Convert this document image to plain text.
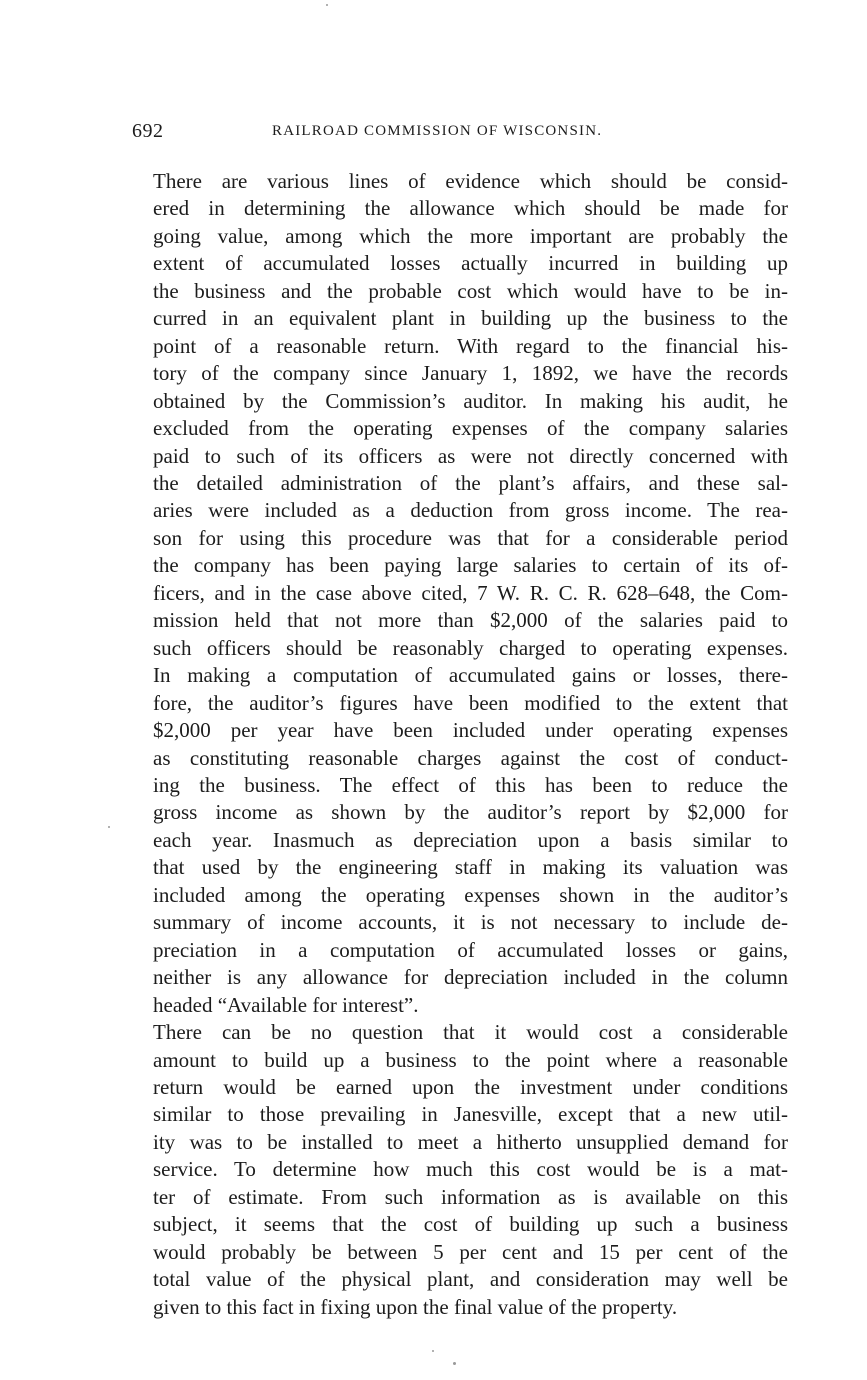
692	RAILROAD COMMISSION OF WISCONSIN.
There are various lines of evidence which should be consid-
ered in determining the allowance which should be made for
going value, among which the more important are probably the
extent of accumulated losses actually incurred in building up
the business and the probable cost which would have to be in-
curred in an equivalent plant in building up the business to the
point of a reasonable return. With regard to the financial his-
tory of the company since January 1, 1892, we have the records
obtained by the Commission’s auditor. In making his audit, he
excluded from the operating expenses of the company salaries
paid to such of its officers as were not directly concerned with
the detailed administration of the plant’s affairs, and these sal-
aries were included as a deduction from gross income. The rea-
son for using this procedure was that for a considerable period
the company has been paying large salaries to certain of its of-
ficers, and in the case above cited, 7 W. R. C. R. 628–648, the Com-
mission held that not more than $2,000 of the salaries paid to
such officers should be reasonably charged to operating expenses.
In making a computation of accumulated gains or losses, there-
fore, the auditor’s figures have been modified to the extent that
$2,000 per year have been included under operating expenses
as constituting reasonable charges against the cost of conduct-
ing the business. The effect of this has been to reduce the
gross income as shown by the auditor’s report by $2,000 for
each year. Inasmuch as depreciation upon a basis similar to
that used by the engineering staff in making its valuation was
included among the operating expenses shown in the auditor’s
summary of income accounts, it is not necessary to include de-
preciation in a computation of accumulated losses or gains,
neither is any allowance for depreciation included in the column
headed “Available for interest”.
There can be no question that it would cost a considerable
amount to build up a business to the point where a reasonable
return would be earned upon the investment under conditions
similar to those prevailing in Janesville, except that a new util-
ity was to be installed to meet a hitherto unsupplied demand for
service. To determine how much this cost would be is a mat-
ter of estimate. From such information as is available on this
subject, it seems that the cost of building up such a business
would probably be between 5 per cent and 15 per cent of the
total value of the physical plant, and consideration may well be
given to this fact in fixing upon the final value of the property.
